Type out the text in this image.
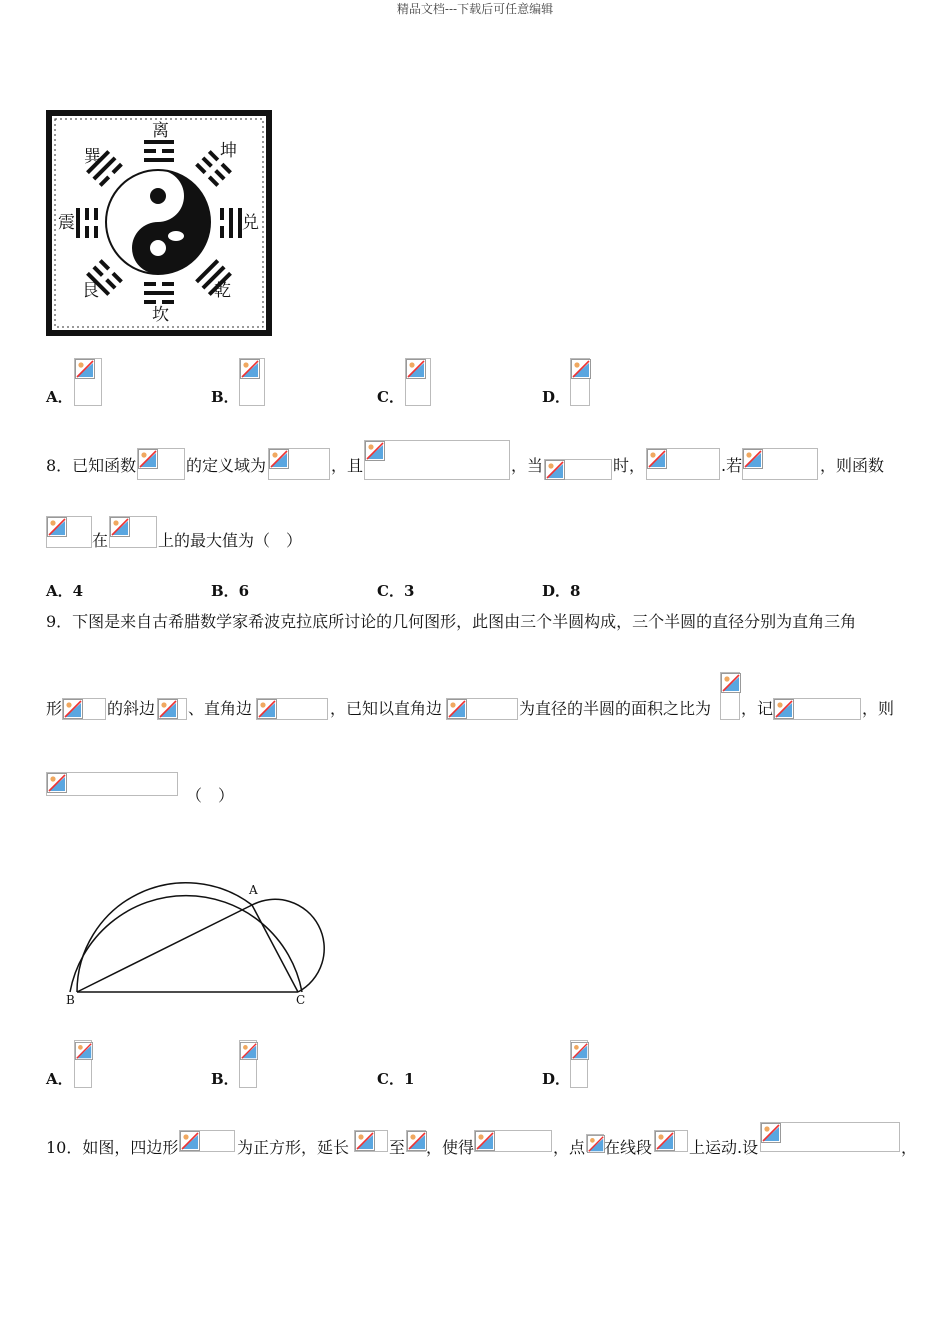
精品文档---下载后可任意编辑
离
坤
兑
乾
坎
艮
震
巽
A．	B．	C．	D．
8．已知函数	的定义域为	，且	，当	时，	.若	，则函数
在	上的最大值为（　）
A．4	B．6	C．3	D．8
9．下图是来自古希腊数学家希波克拉底所讨论的几何图形，此图由三个半圆构成，三个半圆的直径分别为直角三角
形	的斜边 、直角边	，已知以直角边	为直径的半圆的面积之比为 ，记	，则
（　）
A
B	C
A．	B．	C．1	D．
10．如图，四边形	为正方形，延长 至 ，使得	，点 在线段 上运动.设	，
